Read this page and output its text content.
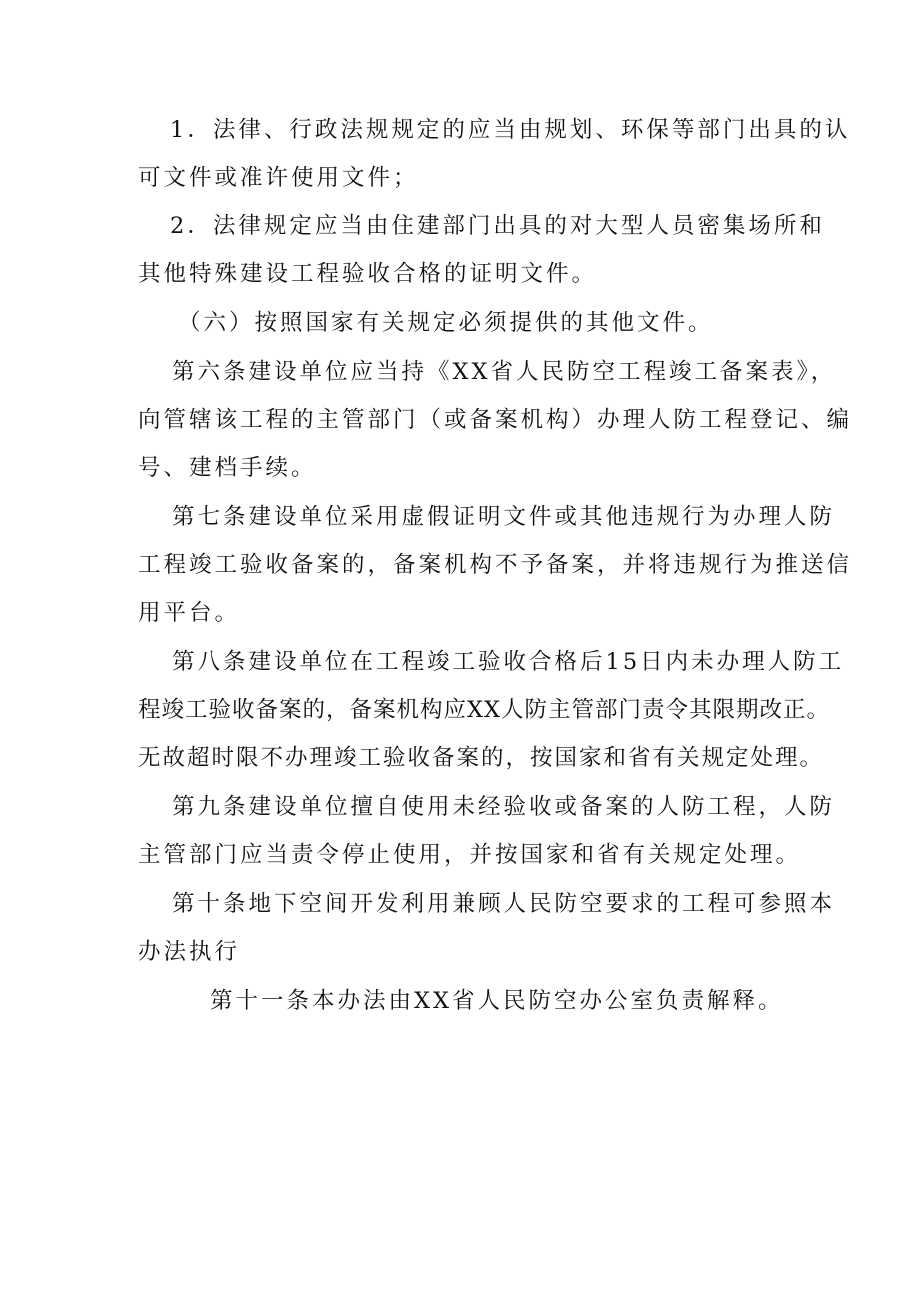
1．法律、行政法规规定的应当由规划、环保等部门出具的认
可文件或准许使用文件；
2．法律规定应当由住建部门出具的对大型人员密集场所和
其他特殊建设工程验收合格的证明文件。
（六）按照国家有关规定必须提供的其他文件。
第六条建设单位应当持《XX省人民防空工程竣工备案表》，
向管辖该工程的主管部门（或备案机构）办理人防工程登记、编
号、建档手续。
第七条建设单位采用虚假证明文件或其他违规行为办理人防
工程竣工验收备案的，备案机构不予备案，并将违规行为推送信
用平台。
第八条建设单位在工程竣工验收合格后15日内未办理人防工
程竣工验收备案的，备案机构应XX人防主管部门责令其限期改正。
无故超时限不办理竣工验收备案的，按国家和省有关规定处理。
第九条建设单位擅自使用未经验收或备案的人防工程，人防
主管部门应当责令停止使用，并按国家和省有关规定处理。
第十条地下空间开发利用兼顾人民防空要求的工程可参照本
办法执行
第十一条本办法由XX省人民防空办公室负责解释。
